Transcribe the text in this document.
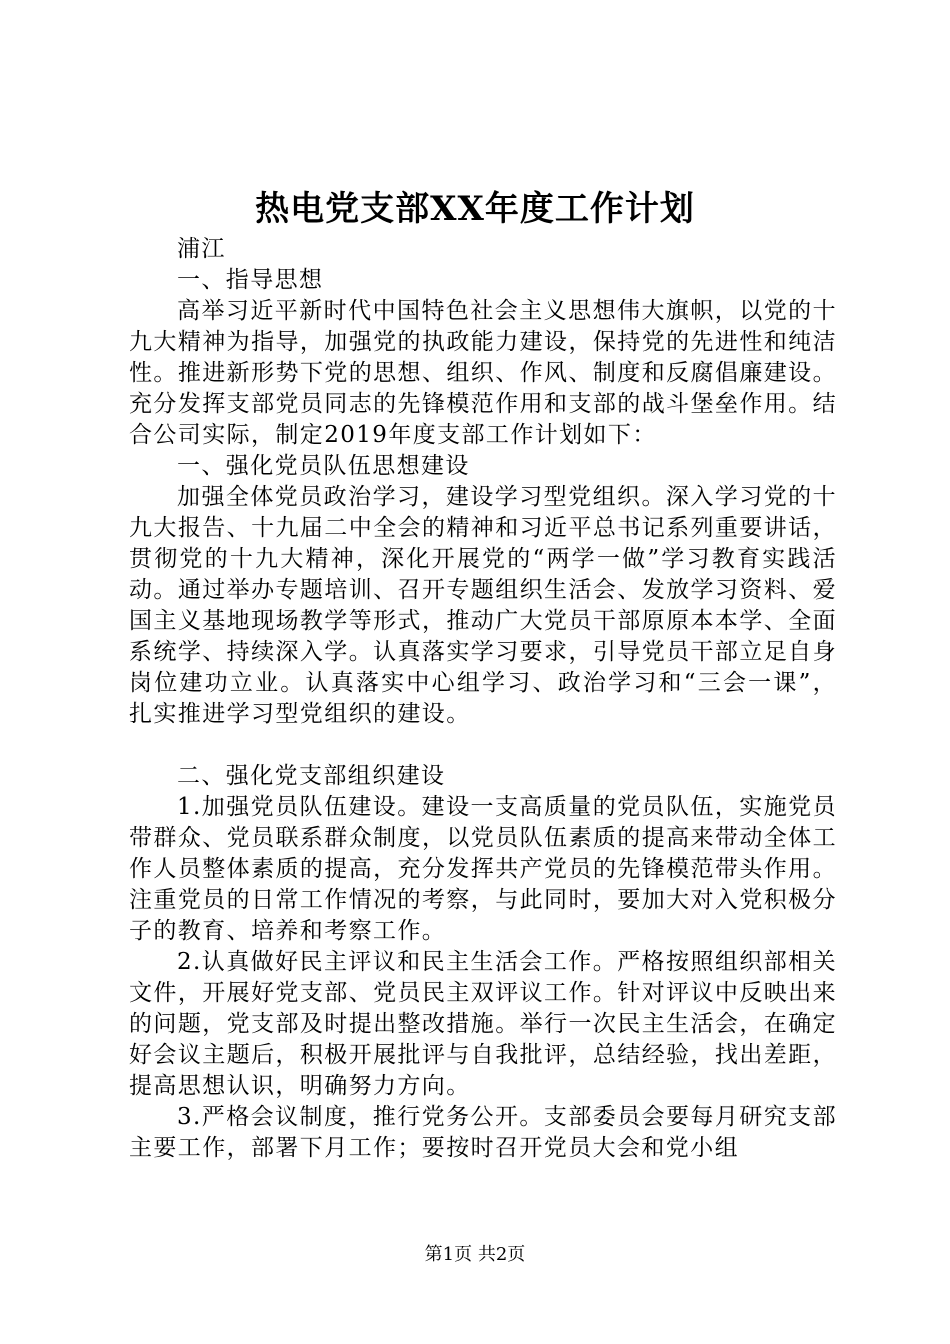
热电党支部XX年度工作计划

浦江

一、指导思想

高举习近平新时代中国特色社会主义思想伟大旗帜，以党的十九大精神为指导，加强党的执政能力建设，保持党的先进性和纯洁性。推进新形势下党的思想、组织、作风、制度和反腐倡廉建设。充分发挥支部党员同志的先锋模范作用和支部的战斗堡垒作用。结合公司实际，制定2019年度支部工作计划如下：

一、强化党员队伍思想建设

加强全体党员政治学习，建设学习型党组织。深入学习党的十九大报告、十九届二中全会的精神和习近平总书记系列重要讲话，贯彻党的十九大精神，深化开展党的“两学一做”学习教育实践活动。通过举办专题培训、召开专题组织生活会、发放学习资料、爱国主义基地现场教学等形式，推动广大党员干部原原本本学、全面系统学、持续深入学。认真落实学习要求，引导党员干部立足自身岗位建功立业。认真落实中心组学习、政治学习和“三会一课”，扎实推进学习型党组织的建设。

二、强化党支部组织建设

1.加强党员队伍建设。建设一支高质量的党员队伍，实施党员带群众、党员联系群众制度，以党员队伍素质的提高来带动全体工作人员整体素质的提高，充分发挥共产党员的先锋模范带头作用。注重党员的日常工作情况的考察，与此同时，要加大对入党积极分子的教育、培养和考察工作。

2.认真做好民主评议和民主生活会工作。严格按照组织部相关文件，开展好党支部、党员民主双评议工作。针对评议中反映出来的问题，党支部及时提出整改措施。举行一次民主生活会，在确定好会议主题后，积极开展批评与自我批评，总结经验，找出差距，提高思想认识，明确努力方向。

3.严格会议制度，推行党务公开。支部委员会要每月研究支部主要工作，部署下月工作；要按时召开党员大会和党小组

第1页 共2页
